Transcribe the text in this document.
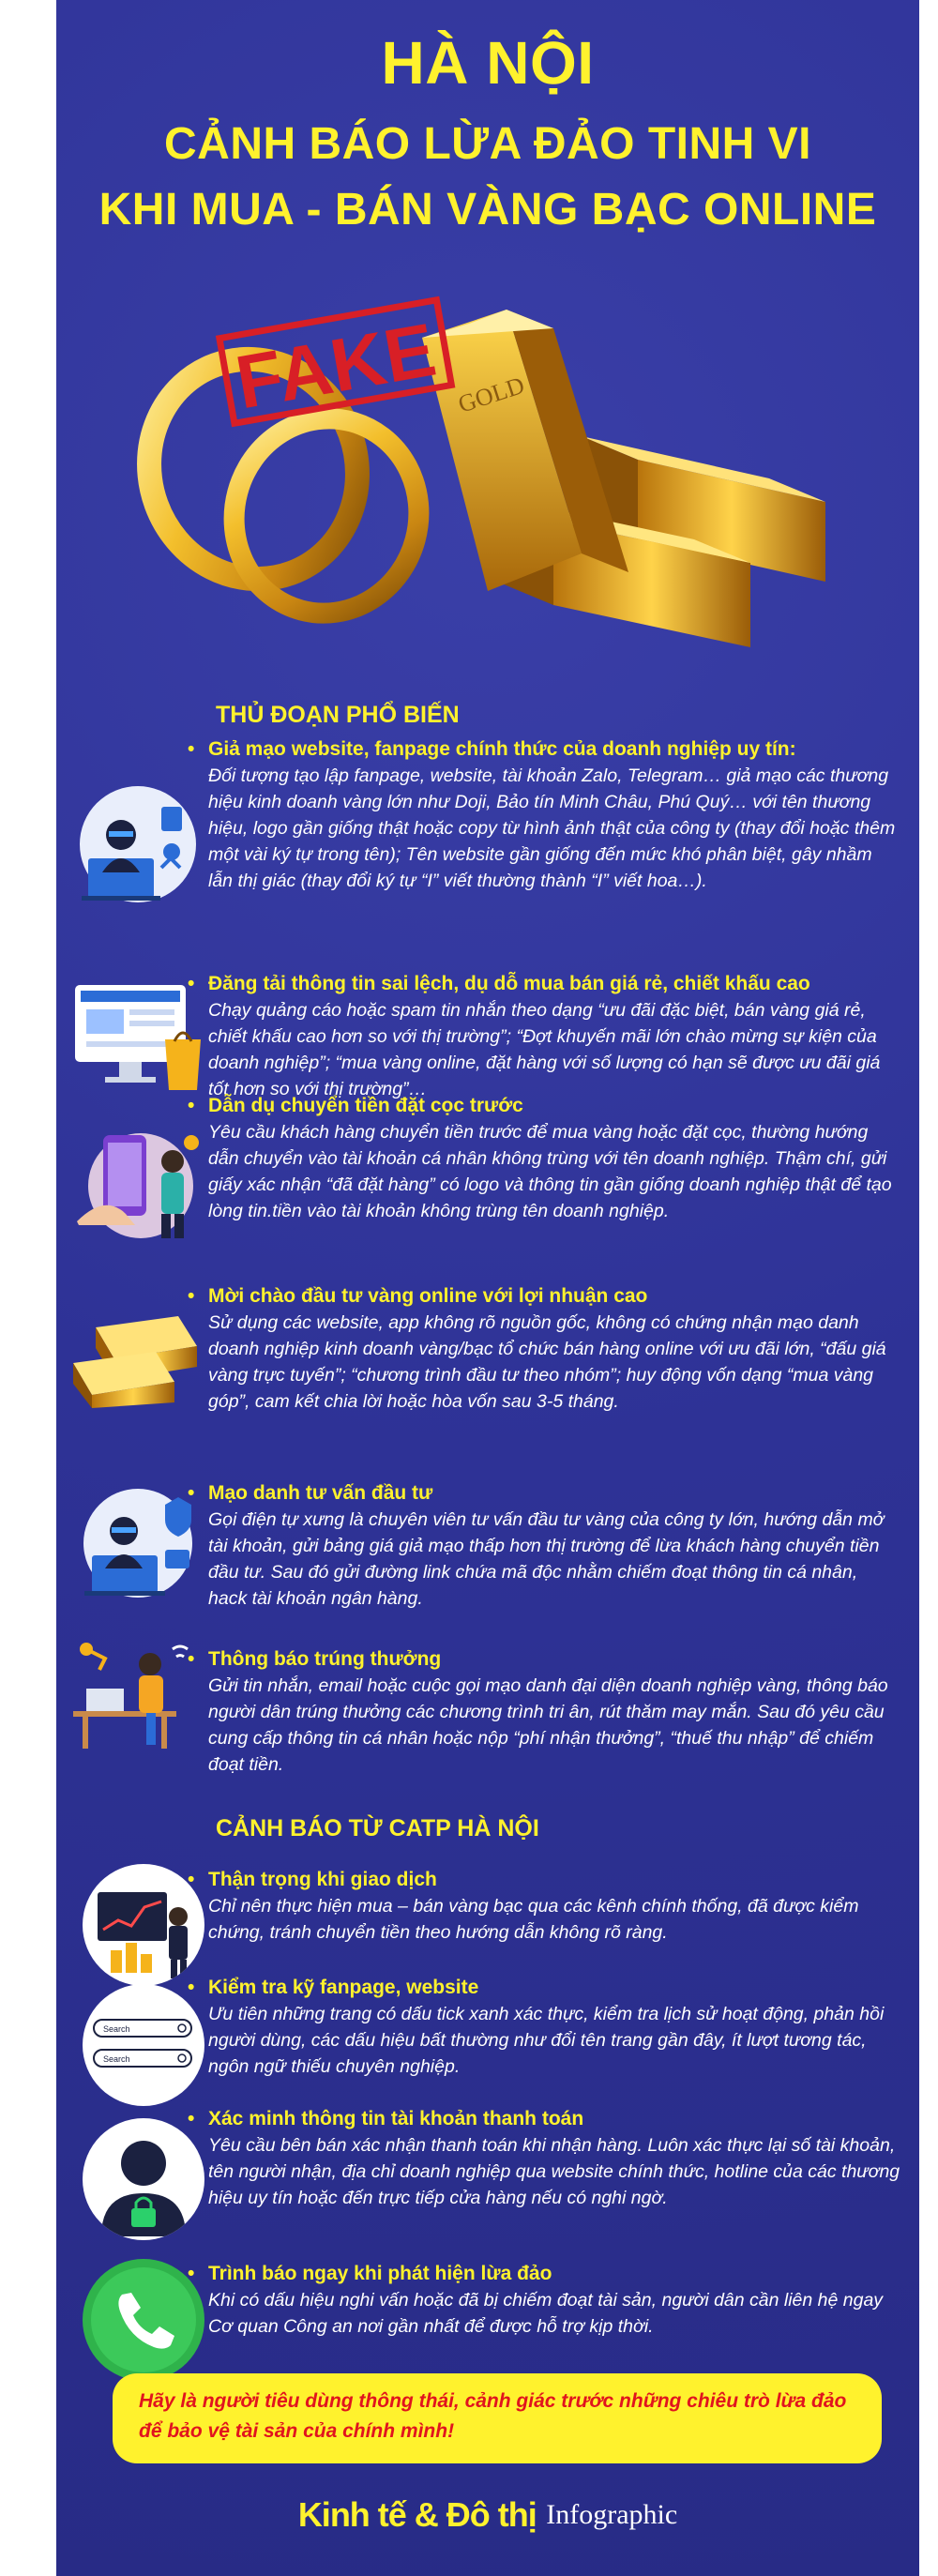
HÀ NỘI
CẢNH BÁO LỪA ĐẢO TINH VI
KHI MUA - BÁN VÀNG BẠC ONLINE
GOLD
FAKE
THỦ ĐOẠN PHỔ BIẾN
• Giả mạo website, fanpage chính thức của doanh nghiệp uy tín:
Đối tượng tạo lập fanpage, website, tài khoản Zalo, Telegram… giả mạo các thương hiệu kinh doanh vàng lớn như Doji, Bảo tín Minh Châu, Phú Quý… với tên thương hiệu, logo gần giống thật hoặc copy từ hình ảnh thật của công ty (thay đổi hoặc thêm một vài ký tự trong tên); Tên website gần giống đến mức khó phân biệt, gây nhầm lẫn thị giác (thay đổi ký tự “I” viết thường thành “I” viết hoa…).
• Đăng tải thông tin sai lệch, dụ dỗ mua bán giá rẻ, chiết khấu cao
Chạy quảng cáo hoặc spam tin nhắn theo dạng “ưu đãi đặc biệt, bán vàng giá rẻ, chiết khấu cao hơn so với thị trường”; “Đợt khuyến mãi lớn chào mừng sự kiện của doanh nghiệp”; “mua vàng online, đặt hàng với số lượng có hạn sẽ được ưu đãi giá tốt hơn so với thị trường”…
• Dẫn dụ chuyển tiền đặt cọc trước
Yêu cầu khách hàng chuyển tiền trước để mua vàng hoặc đặt cọc, thường hướng dẫn chuyển vào tài khoản cá nhân không trùng với tên doanh nghiệp. Thậm chí, gửi giấy xác nhận “đã đặt hàng” có logo và thông tin gần giống doanh nghiệp thật để tạo lòng tin.tiền vào tài khoản không trùng tên doanh nghiệp.
• Mời chào đầu tư vàng online với lợi nhuận cao
Sử dụng các website, app không rõ nguồn gốc, không có chứng nhận mạo danh doanh nghiệp kinh doanh vàng/bạc tổ chức bán hàng online với ưu đãi lớn, “đấu giá vàng trực tuyến”; “chương trình đầu tư theo nhóm”; huy động vốn dạng “mua vàng góp”, cam kết chia lời hoặc hòa vốn sau 3-5 tháng.
• Mạo danh tư vấn đầu tư
Gọi điện tự xưng là chuyên viên tư vấn đầu tư vàng của công ty lớn, hướng dẫn mở tài khoản, gửi bảng giá giả mạo thấp hơn thị trường để lừa khách hàng chuyển tiền đầu tư. Sau đó gửi đường link chứa mã độc nhằm chiếm đoạt thông tin cá nhân, hack tài khoản ngân hàng.
• Thông báo trúng thưởng
Gửi tin nhắn, email hoặc cuộc gọi mạo danh đại diện doanh nghiệp vàng, thông báo người dân trúng thưởng các chương trình tri ân, rút thăm may mắn. Sau đó yêu cầu cung cấp thông tin cá nhân hoặc nộp “phí nhận thưởng”, “thuế thu nhập” để chiếm đoạt tiền.
CẢNH BÁO TỪ CATP HÀ NỘI
• Thận trọng khi giao dịch
Chỉ nên thực hiện mua – bán vàng bạc qua các kênh chính thống, đã được kiểm chứng, tránh chuyển tiền theo hướng dẫn không rõ ràng.
Search
Search
• Kiểm tra kỹ fanpage, website
Ưu tiên những trang có dấu tick xanh xác thực, kiểm tra lịch sử hoạt động, phản hồi người dùng, các dấu hiệu bất thường như đổi tên trang gần đây, ít lượt tương tác, ngôn ngữ thiếu chuyên nghiệp.
• Xác minh thông tin tài khoản thanh toán
Yêu cầu bên bán xác nhận thanh toán khi nhận hàng. Luôn xác thực lại số tài khoản, tên người nhận, địa chỉ doanh nghiệp qua website chính thức, hotline của các thương hiệu uy tín hoặc đến trực tiếp cửa hàng nếu có nghi ngờ.
• Trình báo ngay khi phát hiện lừa đảo
Khi có dấu hiệu nghi vấn hoặc đã bị chiếm đoạt tài sản, người dân cần liên hệ ngay Cơ quan Công an nơi gần nhất để được hỗ trợ kịp thời.
Hãy là người tiêu dùng thông thái, cảnh giác trước những chiêu trò lừa đảo để bảo vệ tài sản của chính mình!
Kinh tế & Đô thị Infographic
